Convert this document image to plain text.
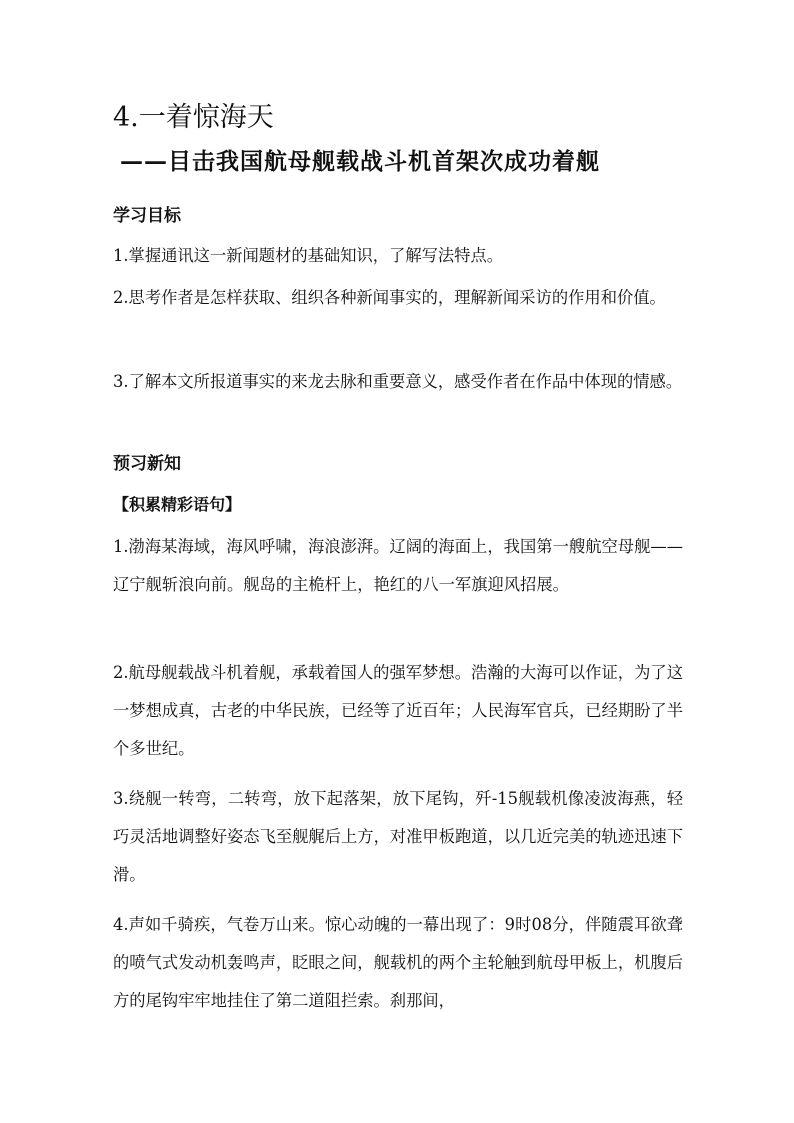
4.一着惊海天
——目击我国航母舰载战斗机首架次成功着舰
学习目标
1.掌握通讯这一新闻题材的基础知识，了解写法特点。
2.思考作者是怎样获取、组织各种新闻事实的，理解新闻采访的作用和价值。
3.了解本文所报道事实的来龙去脉和重要意义，感受作者在作品中体现的情感。
预习新知
【积累精彩语句】
1.渤海某海域，海风呼啸，海浪澎湃。辽阔的海面上，我国第一艘航空母舰——辽宁舰斩浪向前。舰岛的主桅杆上，艳红的八一军旗迎风招展。
2.航母舰载战斗机着舰，承载着国人的强军梦想。浩瀚的大海可以作证，为了这一梦想成真，古老的中华民族，已经等了近百年；人民海军官兵，已经期盼了半个多世纪。
3.绕舰一转弯，二转弯，放下起落架，放下尾钩，歼-15舰载机像凌波海燕，轻巧灵活地调整好姿态飞至舰艉后上方，对准甲板跑道，以几近完美的轨迹迅速下滑。
4.声如千骑疾，气卷万山来。惊心动魄的一幕出现了：9时08分，伴随震耳欲聋的喷气式发动机轰鸣声，眨眼之间，舰载机的两个主轮触到航母甲板上，机腹后方的尾钩牢牢地挂住了第二道阻拦索。刹那间，
